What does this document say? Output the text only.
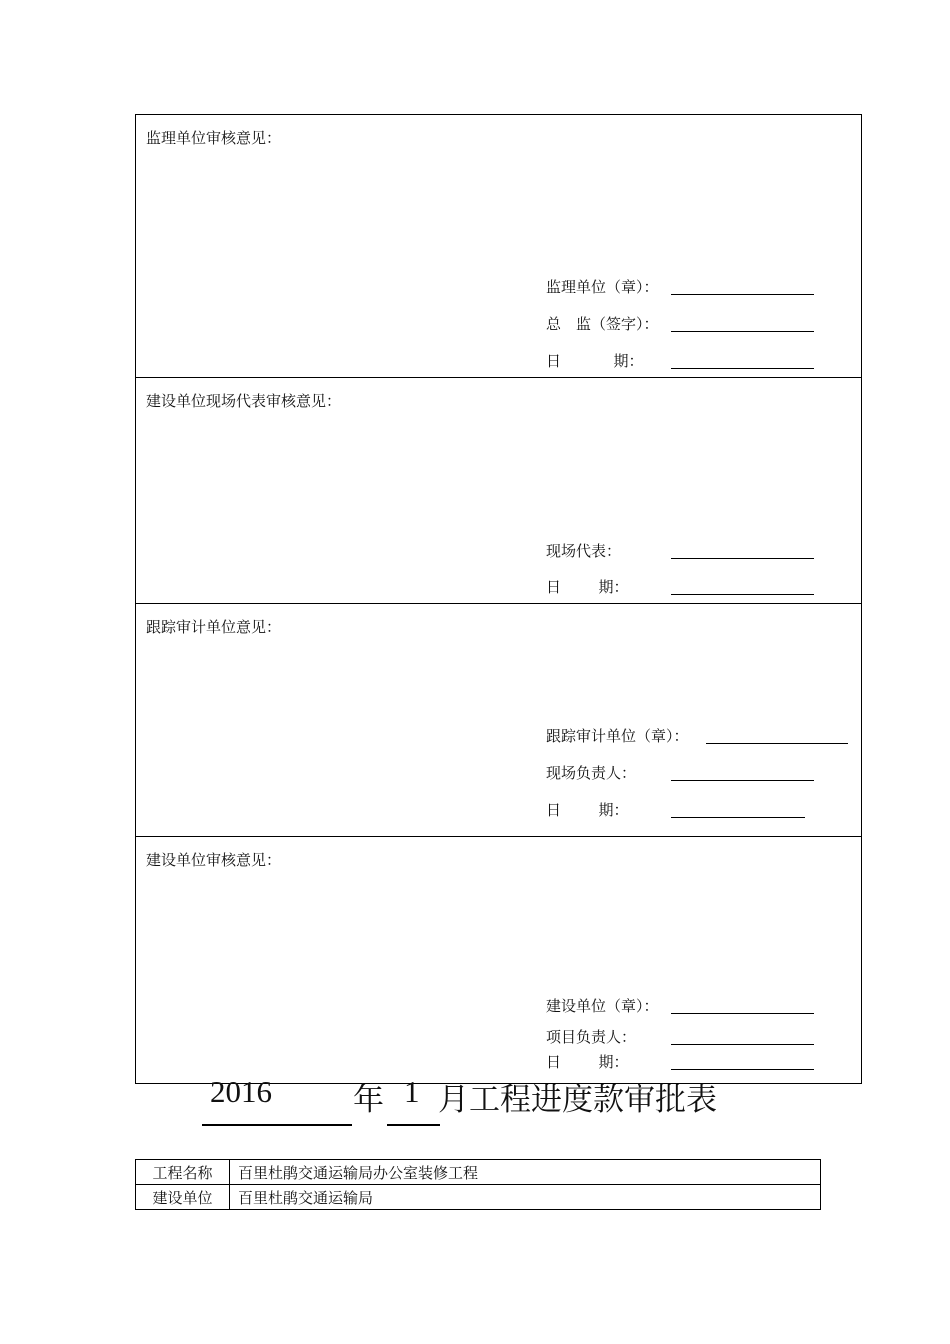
监理单位审核意见：
监理单位（章）：
总    监（签字）：
日              期：
建设单位现场代表审核意见：
现场代表：
日          期：
跟踪审计单位意见：
跟踪审计单位（章）：
现场负责人：
日          期：
建设单位审核意见：
建设单位（章）：
项目负责人：
日          期：

2016

	年

1

月工程进度款审批表

工程名称	百里杜鹃交通运输局办公室装修工程
建设单位	百里杜鹃交通运输局
